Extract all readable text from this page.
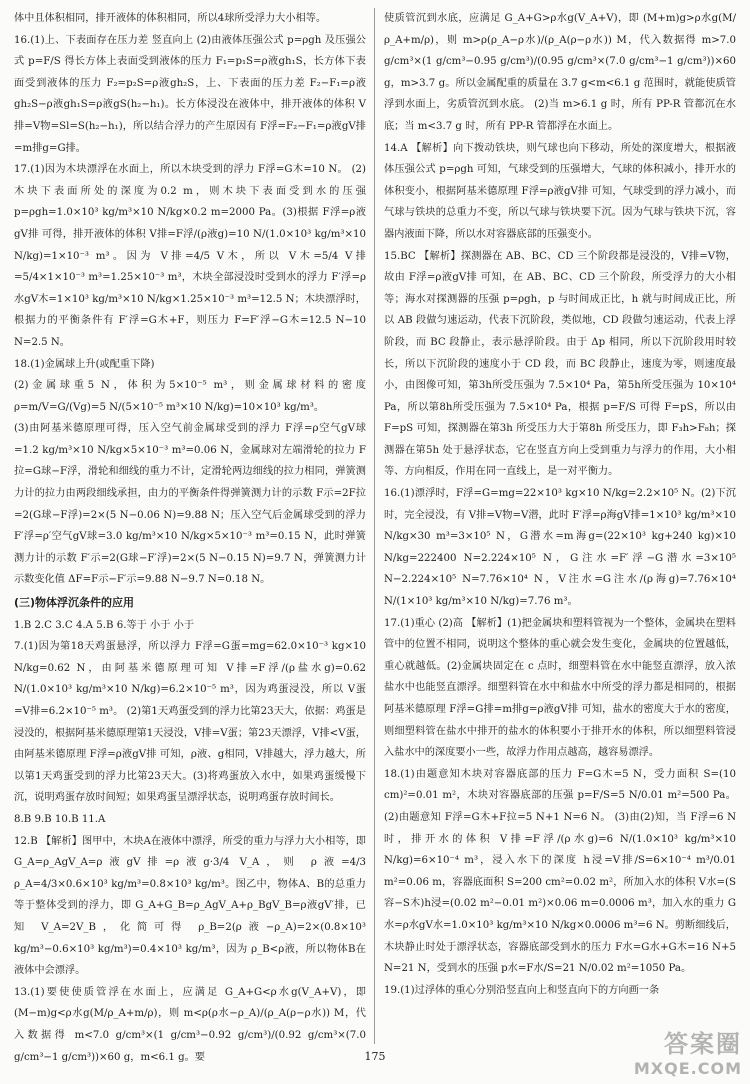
体中且体积相同，排开液体的体积相同，所以4球所受浮力大小相等。

16.(1)上、下表面存在压力差 竖直向上 (2)由液体压强公式 p=ρgh 及压强公式 p=F/S 得长方体上表面受到液体的压力 F₁=p₁S=ρ液gh₁S，长方体下表面受到液体的压力 F₂=p₂S=ρ液gh₂S，上、下表面的压力差 F₂−F₁=ρ液gh₂S−ρ液gh₁S=ρ液gS(h₂−h₁)。长方体浸没在液体中，排开液体的体积 V排=V物=Sl=S(h₂−h₁)，所以结合浮力的产生原因有 F浮=F₂−F₁=ρ液gV排=m排g=G排。

17.(1)因为木块漂浮在水面上，所以木块受到的浮力 F浮=G木=10 N。 (2)木块下表面所处的深度为0.2 m，则木块下表面受到水的压强 p=ρgh=1.0×10³ kg/m³×10 N/kg×0.2 m=2000 Pa。(3)根据 F浮=ρ液gV排 可得，排开液体的体积 V排=F浮/(ρ液g)=10 N/(1.0×10³ kg/m³×10 N/kg)=1×10⁻³ m³。因为 V排=4/5 V木，所以 V木=5/4 V排=5/4×1×10⁻³ m³=1.25×10⁻³ m³，木块全部浸没时受到水的浮力 F′浮=ρ水gV木=1×10³ kg/m³×10 N/kg×1.25×10⁻³ m³=12.5 N；木块漂浮时，根据力的平衡条件有 F′浮=G木+F，则压力 F=F′浮−G木=12.5 N−10 N=2.5 N。

18.(1)金属球上升(或配重下降)

(2)金属球重5 N，体积为5×10⁻⁵ m³，则金属球材料的密度 ρ=m/V=G/(Vg)=5 N/(5×10⁻⁵ m³×10 N/kg)=10×10³ kg/m³。

(3)由阿基米德原理可得，压入空气前金属球受到的浮力 F浮=ρ空气gV球=1.2 kg/m³×10 N/kg×5×10⁻³ m³=0.06 N，金属球对左端滑轮的拉力 F拉=G球−F浮，滑轮和细线的重力不计，定滑轮两边细线的拉力相同，弹簧测力计的拉力由两段细线承担，由力的平衡条件得弹簧测力计的示数 F示=2F拉=2(G球−F浮)=2×(5 N−0.06 N)=9.88 N；压入空气后金属球受到的浮力 F′浮=ρ′空气gV球=3.0 kg/m³×10 N/kg×5×10⁻³ m³=0.15 N，此时弹簧测力计的示数 F′示=2(G球−F′浮)=2×(5 N−0.15 N)=9.7 N，弹簧测力计示数变化值 ΔF=F示−F′示=9.88 N−9.7 N=0.18 N。

(三)物体浮沉条件的应用

1.B 2.C 3.C 4.A 5.B 6.等于 小于 小于

7.(1)因为第18天鸡蛋悬浮，所以浮力 F浮=G蛋=mg=62.0×10⁻³ kg×10 N/kg=0.62 N，由阿基米德原理可知 V排=F浮/(ρ盐水g)=0.62 N/(1.0×10³ kg/m³×10 N/kg)=6.2×10⁻⁵ m³，因为鸡蛋浸没，所以 V蛋=V排=6.2×10⁻⁵ m³。 (2)第1天鸡蛋受到的浮力比第23天大，依据：鸡蛋是浸没的，根据阿基米德原理第1天浸没，V排=V蛋；第23天漂浮，V排<V蛋，由阿基米德原理 F浮=ρ液gV排 可知，ρ液、g相同，V排越大，浮力越大，所以第1天鸡蛋受到的浮力比第23天大。(3)将鸡蛋放入水中，如果鸡蛋缓慢下沉，说明鸡蛋存放时间短；如果鸡蛋呈漂浮状态，说明鸡蛋存放时间长。

8.B 9.B 10.B 11.A

12.B 【解析】图甲中，木块A在液体中漂浮，所受的重力与浮力大小相等，即 G_A=ρ_AgV_A=ρ液gV排=ρ液g·3/4 V_A，则 ρ液=4/3 ρ_A=4/3×0.6×10³ kg/m³=0.8×10³ kg/m³。图乙中，物体A、B的总重力等于整体受到的浮力，即 G_A+G_B=ρ_AgV_A+ρ_BgV_B=ρ液gV′排，已知 V_A=2V_B，化简可得 ρ_B=2(ρ液−ρ_A)=2×(0.8×10³ kg/m³−0.6×10³ kg/m³)=0.4×10³ kg/m³，因为 ρ_B<ρ液，所以物体B在液体中会漂浮。

13.(1)要使使质管浮在水面上，应满足 G_A+G<ρ水g(V_A+V)，即 (M−m)g<ρ水g(M/ρ_A+m/ρ)，则 m<ρ(ρ水−ρ_A)/(ρ_A(ρ−ρ水)) M，代入数据得 m<7.0 g/cm³×(1 g/cm³−0.92 g/cm³)/(0.92 g/cm³×(7.0 g/cm³−1 g/cm³))×60 g，m<6.1 g。要

使质管沉到水底，应满足 G_A+G>ρ水g(V_A+V)，即 (M+m)g>ρ水g(M/ρ_A+m/ρ)，则 m>ρ(ρ_A−ρ水)/(ρ_A(ρ−ρ水)) M，代入数据得 m>7.0 g/cm³×(1 g/cm³−0.95 g/cm³)/(0.95 g/cm³×(7.0 g/cm³−1 g/cm³))×60 g，m>3.7 g。所以金属配重的质量在 3.7 g<m<6.1 g 范围时，就能使质管浮到水面上，劣质管沉到水底。 (2)当 m>6.1 g 时，所有 PP-R 管都沉在水底；当 m<3.7 g 时，所有 PP-R 管都浮在水面上。

14.A 【解析】向下拨动铁块，则气球也向下移动，所处的深度增大，根据液体压强公式 p=ρgh 可知，气球受到的压强增大，气球的体积减小，排开水的体积变小，根据阿基米德原理 F浮=ρ液gV排 可知，气球受到的浮力减小，而气球与铁块的总重力不变，所以气球与铁块要下沉。因为气球与铁块下沉，容器内液面下降，所以水对容器底部的压强变小。

15.BC 【解析】探测器在 AB、BC、CD 三个阶段都是浸没的，V排=V物，故由 F浮=ρ液gV排 可知，在 AB、BC、CD 三个阶段，所受浮力的大小相等；海水对探测器的压强 p=ρgh，p 与时间成正比，h 就与时间成正比，所以 AB 段做匀速运动，代表下沉阶段，类似地，CD 段做匀速运动，代表上浮阶段，而 BC 段静止，表示悬浮阶段。由于 Δp 相同，所以下沉阶段用时较长，所以下沉阶段的速度小于 CD 段，而 BC 段静止，速度为零，则速度最小，由图像可知，第3h所受压强为 7.5×10⁴ Pa，第5h所受压强为 10×10⁴ Pa，所以第8h所受压强为 7.5×10⁴ Pa，根据 p=F/S 可得 F=pS，所以由 F=pS 可知，探测器在第3h 所受压力大于第8h 所受压力，即 F₃h>F₈h；探测器在第5h 处于悬浮状态，它在竖直方向上受到重力与浮力的作用，大小相等、方向相反，作用在同一直线上，是一对平衡力。

16.(1)漂浮时，F浮=G=mg=22×10³ kg×10 N/kg=2.2×10⁵ N。(2)下沉时，完全浸没，有 V排=V物=V潜，此时 F′浮=ρ海gV排=1×10³ kg/m³×10 N/kg×30 m³=3×10⁵ N，G潜水=m海g=(22×10³ kg+240 kg)×10 N/kg=222400 N=2.224×10⁵ N，G注水=F′浮−G潜水=3×10⁵ N−2.224×10⁵ N=7.76×10⁴ N，V注水=G注水/(ρ海g)=7.76×10⁴ N/(1×10³ kg/m³×10 N/kg)=7.76 m³。

17.(1)重心 (2)高 【解析】(1)把金属块和塑料管视为一个整体，金属块在塑料管中的位置不相同，说明这个整体的重心就会发生变化，金属块的位置越低，重心就越低。(2)金属块固定在 c 点时，细塑料管在水中能竖直漂浮，放入浓盐水中也能竖直漂浮。细塑料管在水中和盐水中所受的浮力都是相同的，根据阿基米德原理 F浮=G排=m排g=ρ液gV排 可知，盐水的密度大于水的密度，则细塑料管在盐水中排开的盐水的体积要小于排开水的体积，所以细塑料管浸入盐水中的深度要小一些，故浮力作用点越高，越容易漂浮。

18.(1)由题意知木块对容器底部的压力 F=G木=5 N，受力面积 S=(10 cm)²=0.01 m²，木块对容器底部的压强 p=F/S=5 N/0.01 m²=500 Pa。 (2)由题意知 F浮=G木+F拉=5 N+1 N=6 N。 (3)由(2)知，当 F浮=6 N 时，排开水的体积 V排=F浮/(ρ水g)=6 N/(1.0×10³ kg/m³×10 N/kg)=6×10⁻⁴ m³，浸入水下的深度 h浸=V排/S=6×10⁻⁴ m³/0.01 m²=0.06 m，容器底面积 S=200 cm²=0.02 m²，所加入水的体积 V水=(S容−S木)h浸=(0.02 m²−0.01 m²)×0.06 m=0.0006 m³，加入水的重力 G水=ρ水gV水=1.0×10³ kg/m³×10 N/kg×0.0006 m³=6 N。剪断细线后，木块静止时处于漂浮状态，容器底部受到水的压力 F水=G水+G木=16 N+5 N=21 N，受到水的压强 p水=F水/S=21 N/0.02 m²=1050 Pa。

19.(1)过浮体的重心分别沿竖直向上和竖直向下的方向画一条

175	答案圈
MXQE.COM
